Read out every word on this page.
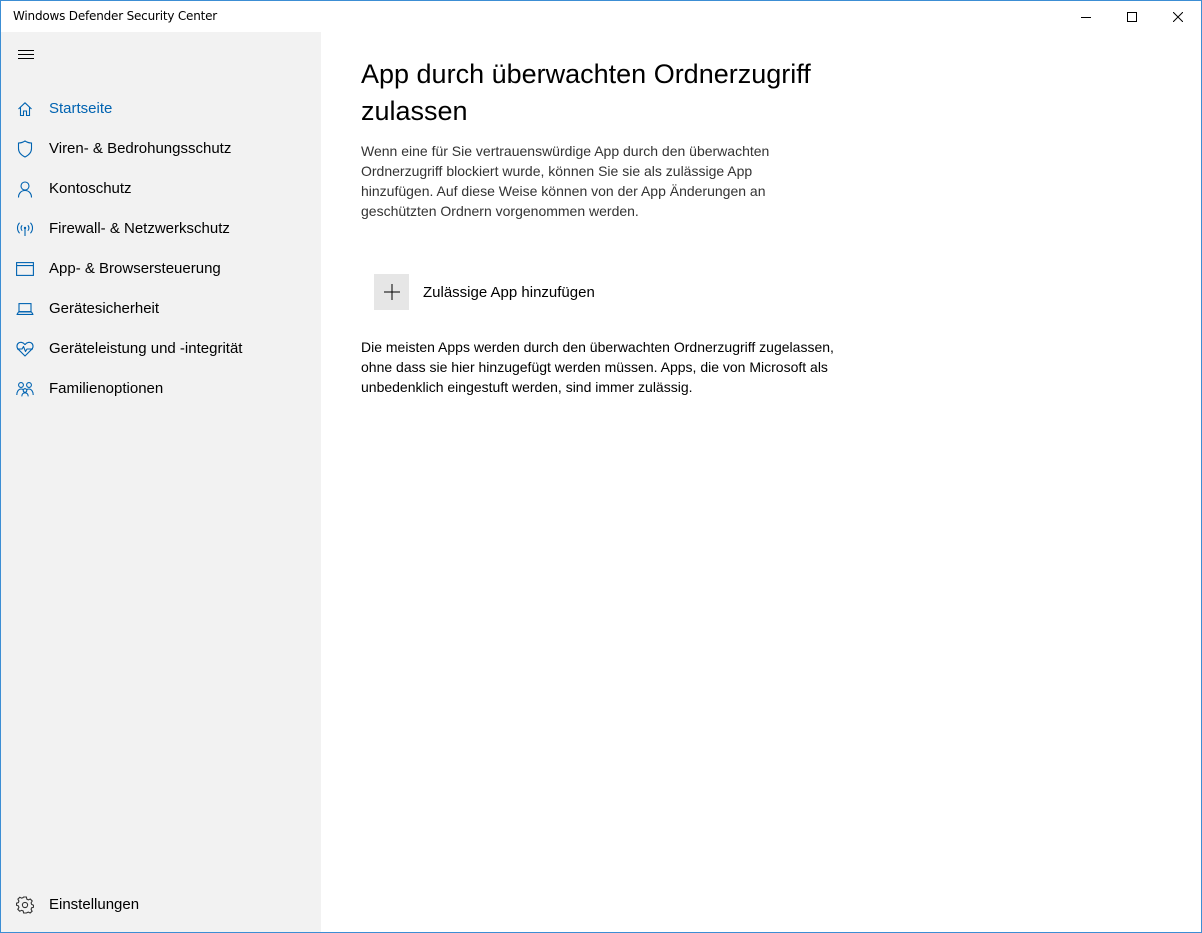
Windows Defender Security Center
Startseite
Viren- & Bedrohungsschutz
Kontoschutz
Firewall- & Netzwerkschutz
App- & Browsersteuerung
Gerätesicherheit
Geräteleistung und -integrität
Familienoptionen
Einstellungen
App durch überwachten Ordnerzugriff zulassen

Wenn eine für Sie vertrauenswürdige App durch den überwachten Ordnerzugriff blockiert wurde, können Sie sie als zulässige App hinzufügen. Auf diese Weise können von der App Änderungen an geschützten Ordnern vorgenommen werden.

Zulässige App hinzufügen

Die meisten Apps werden durch den überwachten Ordnerzugriff zugelassen, ohne dass sie hier hinzugefügt werden müssen. Apps, die von Microsoft als unbedenklich eingestuft werden, sind immer zulässig.
